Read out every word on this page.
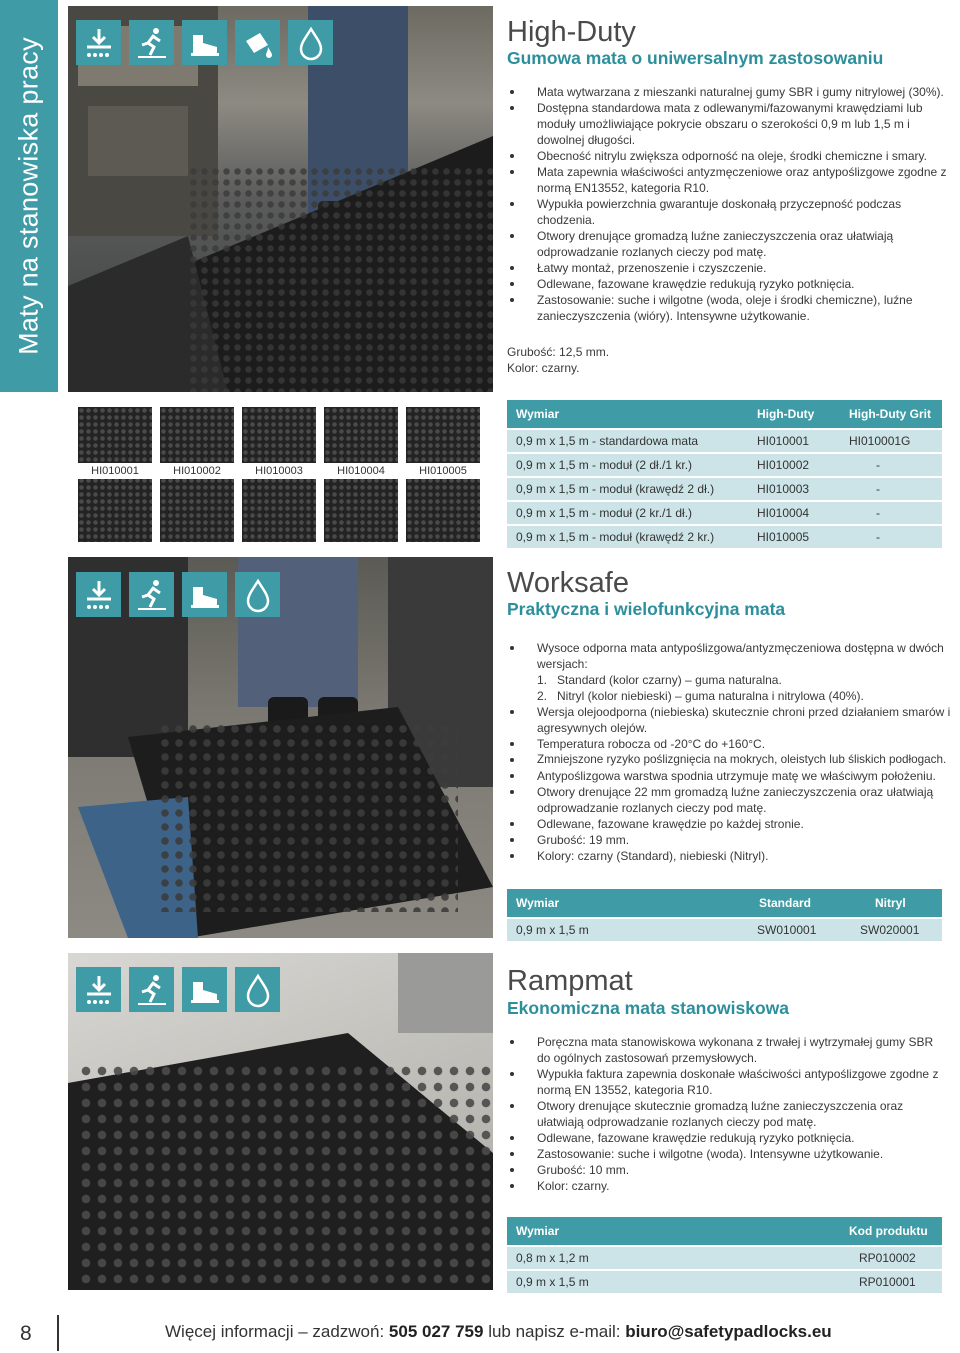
Maty na stanowiska pracy
High-Duty
Gumowa mata o uniwersalnym zastosowaniu
Mata wytwarzana z mieszanki naturalnej gumy SBR i gumy nitrylowej (30%).
Dostępna standardowa mata z odlewanymi/fazowanymi krawędziami lub moduły umożliwiające pokrycie obszaru o szerokości 0,9 m lub 1,5 m i dowolnej długości.
Obecność nitrylu zwiększa odporność na oleje, środki chemiczne i smary.
Mata zapewnia właściwości antyzmęczeniowe oraz antypoślizgowe zgodne z normą EN13552, kategoria R10.
Wypukła powierzchnia gwarantuje doskonałą przyczepność podczas chodzenia.
Otwory drenujące gromadzą luźne zanieczyszczenia oraz ułatwiają odprowadzanie rozlanych cieczy pod matę.
Łatwy montaż, przenoszenie i czyszczenie.
Odlewane, fazowane krawędzie redukują ryzyko potknięcia.
Zastosowanie: suche i wilgotne (woda, oleje i środki chemiczne), luźne zanieczyszczenia (wióry). Intensywne użytkowanie.
Grubość: 12,5 mm.
Kolor: czarny.
HI010001	HI010002	HI010003	HI010004	HI010005
Wymiar	High-Duty	High-Duty Grit
0,9 m x 1,5 m - standardowa mata	HI010001	HI010001G
0,9 m x 1,5 m - moduł (2 dł./1 kr.)	HI010002	-
0,9 m x 1,5 m - moduł (krawędź 2 dł.)	HI010003	-
0,9 m x 1,5 m - moduł (2 kr./1 dł.)	HI010004	-
0,9 m x 1,5 m - moduł (krawędź 2 kr.)	HI010005	-
Worksafe
Praktyczna i wielofunkcyjna mata
Wysoce odporna mata antypoślizgowa/antyzmęczeniowa dostępna w dwóch wersjach:
1.   Standard (kolor czarny) – guma naturalna.
2.   Nitryl (kolor niebieski) – guma naturalna i nitrylowa (40%).
Wersja olejoodporna (niebieska) skutecznie chroni przed działaniem smarów i agresywnych olejów.
Temperatura robocza od -20°C do +160°C.
Zmniejszone ryzyko poślizgnięcia na mokrych, oleistych lub śliskich podłogach.
Antypoślizgowa warstwa spodnia utrzymuje matę we właściwym położeniu.
Otwory drenujące 22 mm gromadzą luźne zanieczyszczenia oraz ułatwiają odprowadzanie rozlanych cieczy pod matę.
Odlewane, fazowane krawędzie po każdej stronie.
Grubość: 19 mm.
Kolory: czarny (Standard), niebieski (Nitryl).
Wymiar	Standard	Nitryl
0,9 m x 1,5 m	SW010001	SW020001
Rampmat
Ekonomiczna mata stanowiskowa
Poręczna mata stanowiskowa wykonana z trwałej i wytrzymałej gumy SBR do ogólnych zastosowań przemysłowych.
Wypukła faktura zapewnia doskonałe właściwości antypoślizgowe zgodne z normą EN 13552, kategoria R10.
Otwory drenujące skutecznie gromadzą luźne zanieczyszczenia oraz ułatwiają odprowadzanie rozlanych cieczy pod matę.
Odlewane, fazowane krawędzie redukują ryzyko potknięcia.
Zastosowanie: suche i wilgotne (woda). Intensywne użytkowanie.
Grubość: 10 mm.
Kolor: czarny.
Wymiar	Kod produktu
0,8 m x 1,2 m	RP010002
0,9 m x 1,5 m	RP010001
8	Więcej informacji – zadzwoń: 505 027 759 lub napisz e-mail: biuro@safetypadlocks.eu
